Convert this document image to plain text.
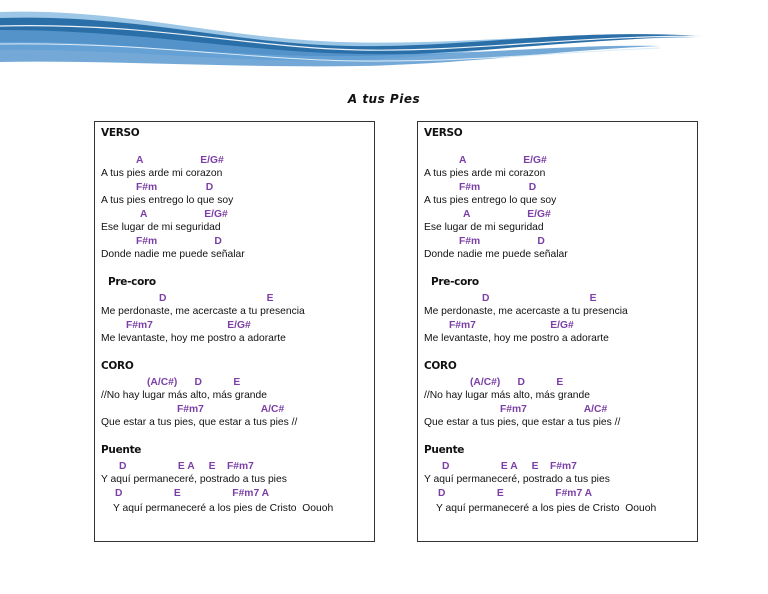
A tus Pies
VERSO
A                    E/G#
A tus pies arde mi corazon
F#m                 D
A tus pies entrego lo que soy
A                    E/G#
Ese lugar de mi seguridad
F#m                    D
Donde nadie me puede señalar
Pre-coro
D                                   E
Me perdonaste, me acercaste a tu presencia
F#m7                          E/G#
Me levantaste, hoy me postro a adorarte
CORO
(A/C#)      D           E
//No hay lugar más alto, más grande
F#m7                    A/C#
Que estar a tus pies, que estar a tus pies //
Puente
D                  E A     E    F#m7
Y aquí permaneceré, postrado a tus pies
D                  E                  F#m7 A
Y aquí permaneceré a los pies de Cristo  Oouoh
VERSO
A                    E/G#
A tus pies arde mi corazon
F#m                 D
A tus pies entrego lo que soy
A                    E/G#
Ese lugar de mi seguridad
F#m                    D
Donde nadie me puede señalar
Pre-coro
D                                   E
Me perdonaste, me acercaste a tu presencia
F#m7                          E/G#
Me levantaste, hoy me postro a adorarte
CORO
(A/C#)      D           E
//No hay lugar más alto, más grande
F#m7                    A/C#
Que estar a tus pies, que estar a tus pies //
Puente
D                  E A     E    F#m7
Y aquí permaneceré, postrado a tus pies
D                  E                  F#m7 A
Y aquí permaneceré a los pies de Cristo  Oouoh
